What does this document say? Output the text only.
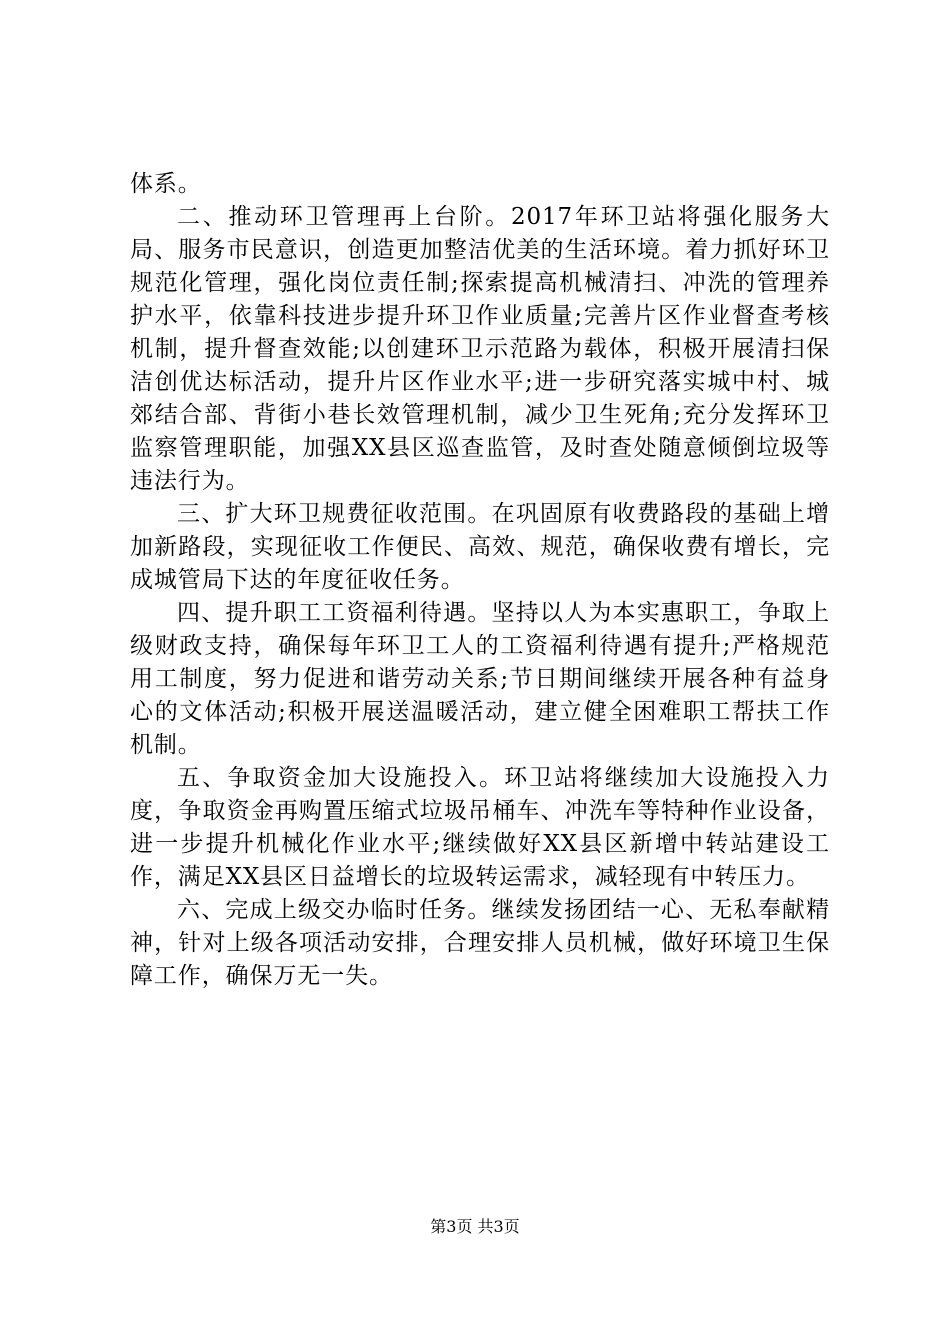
体系。

二、推动环卫管理再上台阶。2017年环卫站将强化服务大局、服务市民意识，创造更加整洁优美的生活环境。着力抓好环卫规范化管理，强化岗位责任制;探索提高机械清扫、冲洗的管理养护水平，依靠科技进步提升环卫作业质量;完善片区作业督查考核机制，提升督查效能;以创建环卫示范路为载体，积极开展清扫保洁创优达标活动，提升片区作业水平;进一步研究落实城中村、城郊结合部、背街小巷长效管理机制，减少卫生死角;充分发挥环卫监察管理职能，加强XX县区巡查监管，及时查处随意倾倒垃圾等违法行为。

三、扩大环卫规费征收范围。在巩固原有收费路段的基础上增加新路段，实现征收工作便民、高效、规范，确保收费有增长，完成城管局下达的年度征收任务。

四、提升职工工资福利待遇。坚持以人为本实惠职工，争取上级财政支持，确保每年环卫工人的工资福利待遇有提升;严格规范用工制度，努力促进和谐劳动关系;节日期间继续开展各种有益身心的文体活动;积极开展送温暖活动，建立健全困难职工帮扶工作机制。

五、争取资金加大设施投入。环卫站将继续加大设施投入力度，争取资金再购置压缩式垃圾吊桶车、冲洗车等特种作业设备，进一步提升机械化作业水平;继续做好XX县区新增中转站建设工作，满足XX县区日益增长的垃圾转运需求，减轻现有中转压力。

六、完成上级交办临时任务。继续发扬团结一心、无私奉献精神，针对上级各项活动安排，合理安排人员机械，做好环境卫生保障工作，确保万无一失。

第3页 共3页
